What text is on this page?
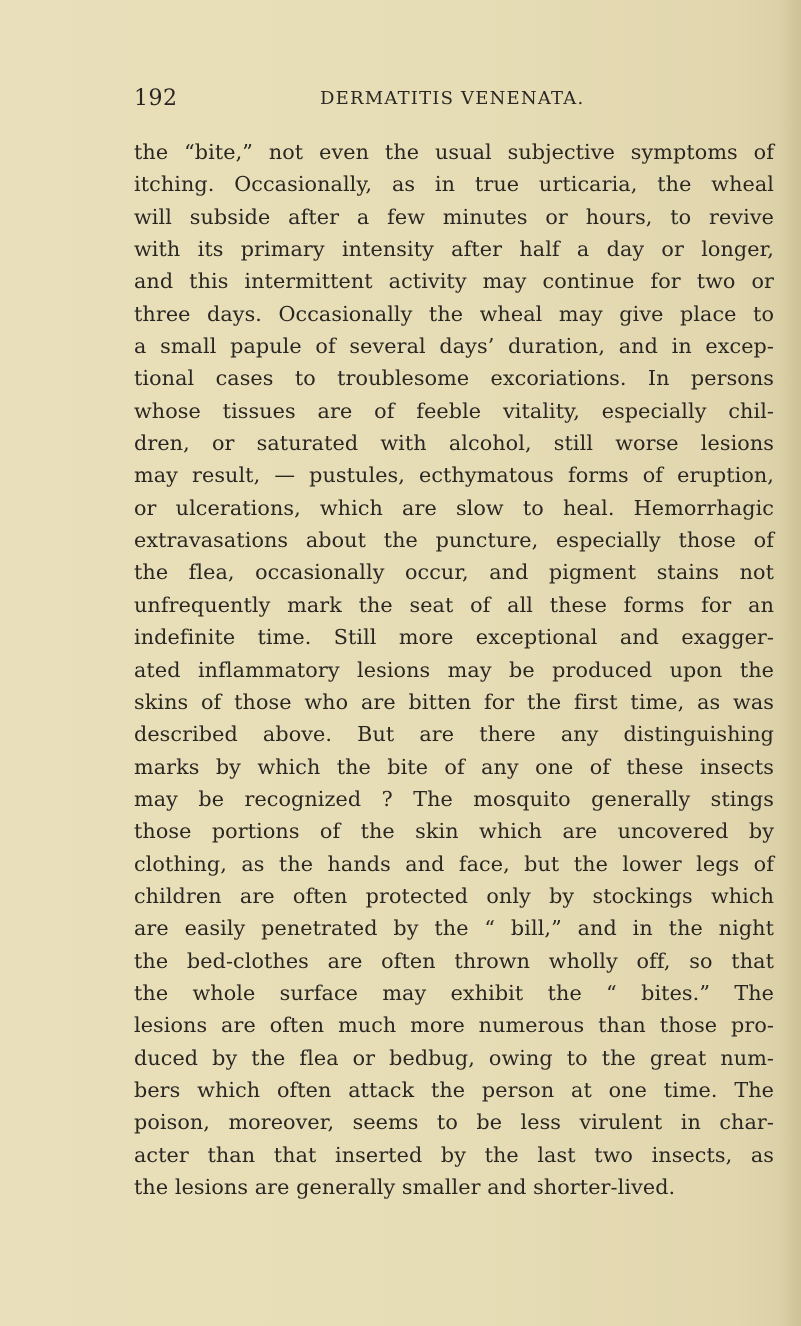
192	DERMATITIS VENENATA.
the “bite,” not even the usual subjective symptoms of
itching. Occasionally, as in true urticaria, the wheal
will subside after a few minutes or hours, to revive
with its primary intensity after half a day or longer,
and this intermittent activity may continue for two or
three days. Occasionally the wheal may give place to
a small papule of several days’ duration, and in excep-
tional cases to troublesome excoriations. In persons
whose tissues are of feeble vitality, especially chil-
dren, or saturated with alcohol, still worse lesions
may result, — pustules, ecthymatous forms of eruption,
or ulcerations, which are slow to heal. Hemorrhagic
extravasations about the puncture, especially those of
the flea, occasionally occur, and pigment stains not
unfrequently mark the seat of all these forms for an
indefinite time. Still more exceptional and exagger-
ated inflammatory lesions may be produced upon the
skins of those who are bitten for the first time, as was
described above. But are there any distinguishing
marks by which the bite of any one of these insects
may be recognized ? The mosquito generally stings
those portions of the skin which are uncovered by
clothing, as the hands and face, but the lower legs of
children are often protected only by stockings which
are easily penetrated by the “ bill,” and in the night
the bed-clothes are often thrown wholly off, so that
the whole surface may exhibit the “ bites.” The
lesions are often much more numerous than those pro-
duced by the flea or bedbug, owing to the great num-
bers which often attack the person at one time. The
poison, moreover, seems to be less virulent in char-
acter than that inserted by the last two insects, as
the lesions are generally smaller and shorter-lived.
